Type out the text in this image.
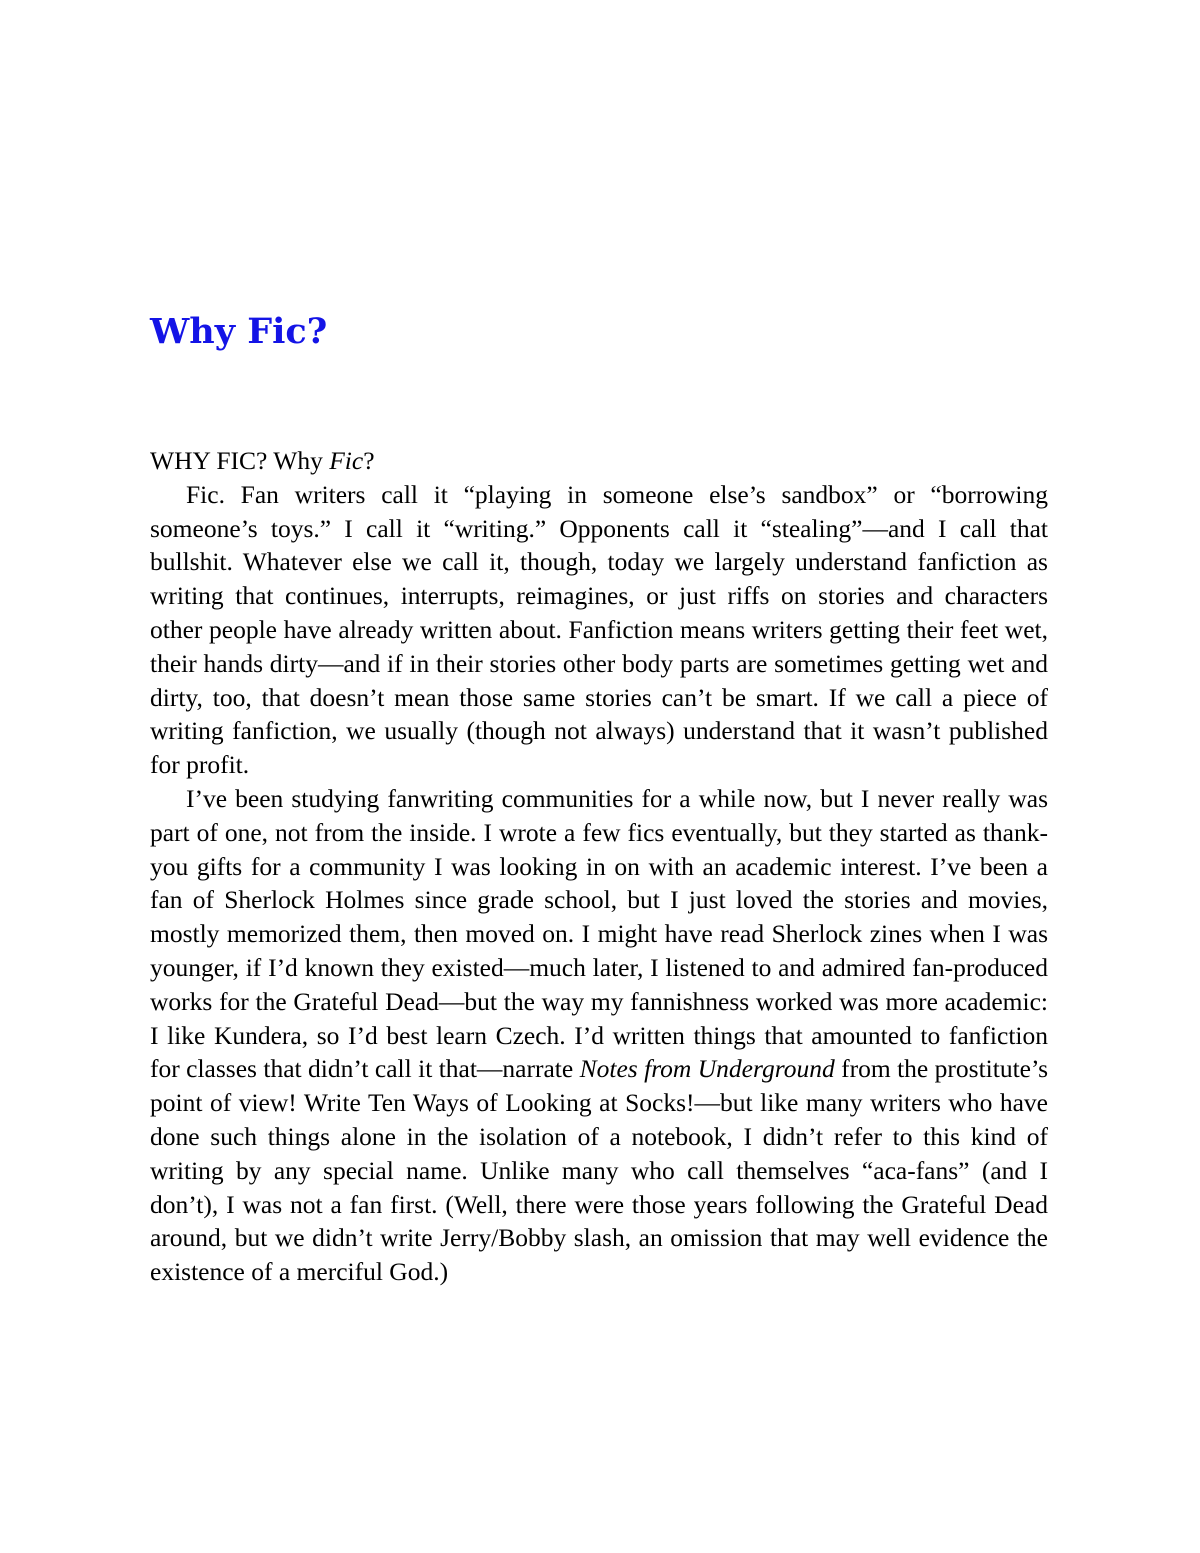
Why Fic?

WHY FIC? Why Fic?

Fic. Fan writers call it “playing in someone else’s sandbox” or “borrowing someone’s toys.” I call it “writing.” Opponents call it “stealing”—and I call that bullshit. Whatever else we call it, though, today we largely understand fanfiction as writing that continues, interrupts, reimagines, or just riffs on stories and characters other people have already written about. Fanfiction means writers getting their feet wet, their hands dirty—and if in their stories other body parts are sometimes getting wet and dirty, too, that doesn’t mean those same stories can’t be smart. If we call a piece of writing fanfiction, we usually (though not always) understand that it wasn’t published for profit.

I’ve been studying fanwriting communities for a while now, but I never really was part of one, not from the inside. I wrote a few fics eventually, but they started as thank-you gifts for a community I was looking in on with an academic interest. I’ve been a fan of Sherlock Holmes since grade school, but I just loved the stories and movies, mostly memorized them, then moved on. I might have read Sherlock zines when I was younger, if I’d known they existed—much later, I listened to and admired fan-produced works for the Grateful Dead—but the way my fannishness worked was more academic: I like Kundera, so I’d best learn Czech. I’d written things that amounted to fanfiction for classes that didn’t call it that—narrate Notes from Underground from the prostitute’s point of view! Write Ten Ways of Looking at Socks!—but like many writers who have done such things alone in the isolation of a notebook, I didn’t refer to this kind of writing by any special name. Unlike many who call themselves “aca-fans” (and I don’t), I was not a fan first. (Well, there were those years following the Grateful Dead around, but we didn’t write Jerry/Bobby slash, an omission that may well evidence the existence of a merciful God.)
